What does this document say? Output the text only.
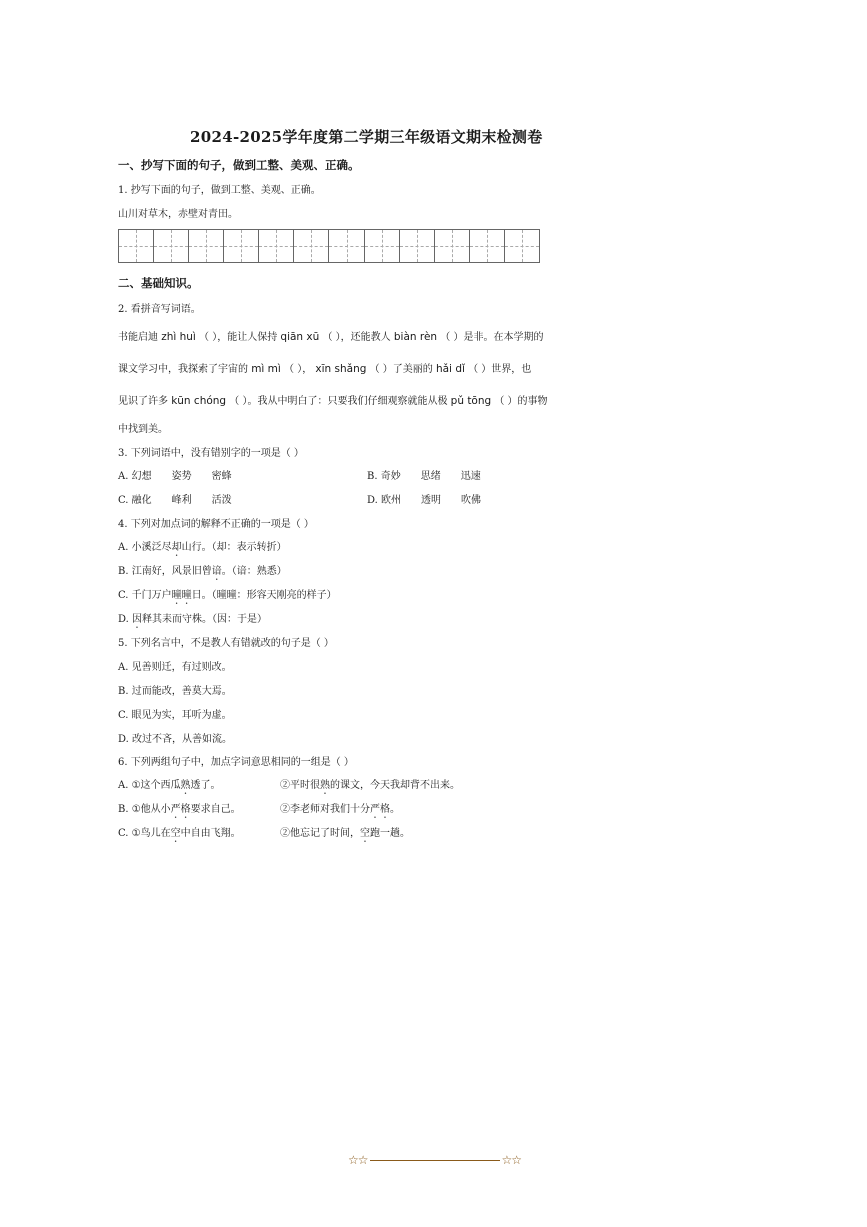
2024-2025学年度第二学期三年级语文期末检测卷
一、抄写下面的句子，做到工整、美观、正确。
1. 抄写下面的句子，做到工整、美观、正确。
山川对草木，赤壁对青田。
二、基础知识。
2. 看拼音写词语。
书能启迪 zhì huì （ ），能让人保持 qiān xū （ ），还能教人 biàn rèn （ ）是非。在本学期的
课文学习中，我探索了宇宙的 mì mì （ ）， xīn shǎng （ ）了美丽的 hǎi dǐ （ ）世界，也
见识了许多 kūn chóng （ ）。我从中明白了：只要我们仔细观察就能从极 pǔ tōng （ ）的事物
中找到美。
3. 下列词语中，没有错别字的一项是（ ）
A. 幻想　　姿势　　密蜂	B. 奇妙　　思绪　　迅速
C. 融化　　峰利　　活泼	D. 欧州　　透明　　吹佛
4. 下列对加点词的解释不正确的一项是（ ）
A. 小溪泛尽却山行。（却：表示转折）
B. 江南好，风景旧曾谙。（谙：熟悉）
C. 千门万户曈曈日。（曈曈：形容天刚亮的样子）
D. 因释其耒而守株。（因：于是）
5. 下列名言中，不是教人有错就改的句子是（ ）
A. 见善则迁，有过则改。
B. 过而能改，善莫大焉。
C. 眼见为实，耳听为虚。
D. 改过不吝，从善如流。
6. 下列两组句子中，加点字词意思相同的一组是（ ）
A. ①这个西瓜熟透了。	②平时很熟的课文，今天我却背不出来。
B. ①他从小严格要求自己。	②李老师对我们十分严格。
C. ①鸟儿在空中自由飞翔。	②他忘记了时间，空跑一趟。
☆☆	☆☆
